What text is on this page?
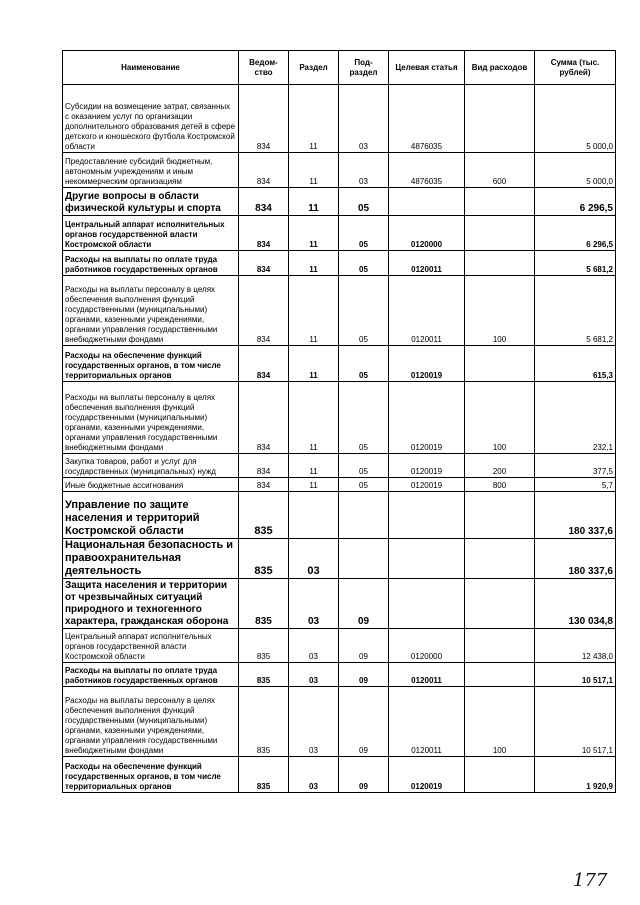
Наименование	Ведом-ство	Раздел	Под-раздел	Целевая статья	Вид расходов	Сумма (тыс. рублей)
Субсидии на возмещение затрат, связанных с оказанием услуг по организации дополнительного образования детей в сфере детского и юношеского футбола Костромской области	834	11	03	4876035		5 000,0
Предоставление субсидий бюджетным, автономным учреждениям и иным некоммерческим организациям	834	11	03	4876035	600	5 000,0
Другие вопросы в области физической культуры и спорта	834	11	05			6 296,5
Центральный аппарат исполнительных органов государственной власти Костромской области	834	11	05	0120000		6 296,5
Расходы на выплаты по оплате труда работников государственных органов	834	11	05	0120011		5 681,2
Расходы на выплаты персоналу в целях обеспечения выполнения функций государственными (муниципальными) органами, казенными учреждениями, органами управления государственными внебюджетными фондами	834	11	05	0120011	100	5 681,2
Расходы на обеспечение функций государственных органов, в том числе территориальных органов	834	11	05	0120019		615,3
Расходы на выплаты персоналу в целях обеспечения выполнения функций государственными (муниципальными) органами, казенными учреждениями, органами управления государственными внебюджетными фондами	834	11	05	0120019	100	232,1
Закупка товаров, работ и услуг для государственных (муниципальных) нужд	834	11	05	0120019	200	377,5
Иные бюджетные ассигнования	834	11	05	0120019	800	5,7
Управление по защите населения и территорий Костромской области	835					180 337,6
Национальная безопасность и правоохранительная деятельность	835	03				180 337,6
Защита населения и территории от чрезвычайных ситуаций природного и техногенного характера, гражданская оборона	835	03	09			130 034,8
Центральный аппарат исполнительных органов государственной власти Костромской области	835	03	09	0120000		12 438,0
Расходы на выплаты по оплате труда работников государственных органов	835	03	09	0120011		10 517,1
Расходы на выплаты персоналу в целях обеспечения выполнения функций государственными (муниципальными) органами, казенными учреждениями, органами управления государственными внебюджетными фондами	835	03	09	0120011	100	10 517,1
Расходы на обеспечение функций государственных органов, в том числе территориальных органов	835	03	09	0120019		1 920,9
177
